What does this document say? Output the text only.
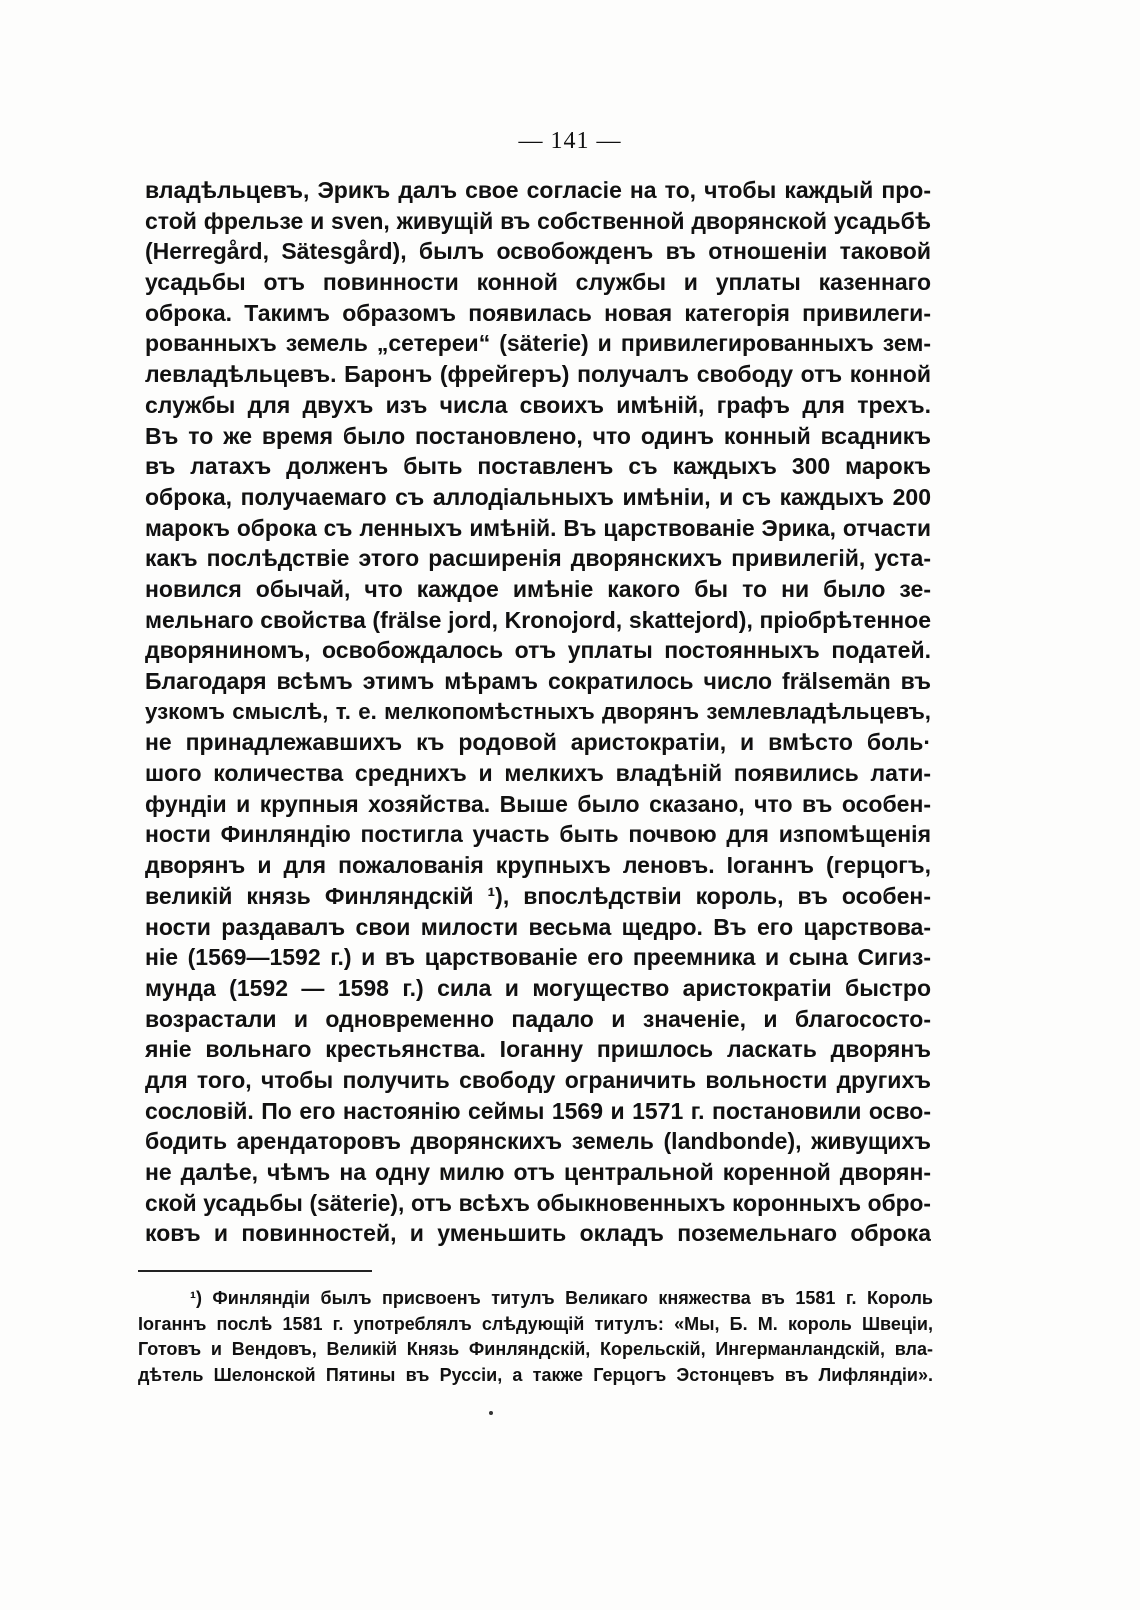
— 141 —
владѣльцевъ, Эрикъ далъ свое согласіе на то, чтобы каждый про-
стой фрельзе и sven, живущій въ собственной дворянской усадьбѣ
(Herregård, Sätesgård), былъ освобожденъ въ отношеніи таковой
усадьбы отъ повинности конной службы и уплаты казеннаго
оброка. Такимъ образомъ появилась новая категорія привилеги-
рованныхъ земель „сетереи“ (säterie) и привилегированныхъ зем-
левладѣльцевъ. Баронъ (фрейгеръ) получалъ свободу отъ конной
службы для двухъ изъ числа своихъ имѣній, графъ для трехъ.
Въ то же время было постановлено, что одинъ конный всадникъ
въ латахъ долженъ быть поставленъ съ каждыхъ 300 марокъ
оброка, получаемаго съ аллодіальныхъ имѣніи, и съ каждыхъ 200
марокъ оброка съ ленныхъ имѣній. Въ царствованіе Эрика, отчасти
какъ послѣдствіе этого расширенія дворянскихъ привилегій, уста-
новился обычай, что каждое имѣніе какого бы то ни было зе-
мельнаго свойства (frälse jord, Kronojord, skattejord), пріобрѣтенное
дворяниномъ, освобождалось отъ уплаты постоянныхъ податей.
Благодаря всѣмъ этимъ мѣрамъ сократилось число frälsemän въ
узкомъ смыслѣ, т. е. мелкопомѣстныхъ дворянъ землевладѣльцевъ,
не принадлежавшихъ къ родовой аристократіи, и вмѣсто боль·
шого количества среднихъ и мелкихъ владѣній появились лати-
фундіи и крупныя хозяйства. Выше было сказано, что въ особен-
ности Финляндію постигла участь быть почвою для изпомѣщенія
дворянъ и для пожалованія крупныхъ леновъ. Іоганнъ (герцогъ,
великій князь Финляндскій ¹), впослѣдствіи король, въ особен-
ности раздавалъ свои милости весьма щедро. Въ его царствова-
ніе (1569—1592 г.) и въ царствованіе его преемника и сына Сигиз-
мунда (1592 — 1598 г.) сила и могущество аристократіи быстро
возрастали и одновременно падало и значеніе, и благососто-
яніе вольнаго крестьянства. Іоганну пришлось ласкать дворянъ
для того, чтобы получить свободу ограничить вольности другихъ
сословій. По его настоянію сеймы 1569 и 1571 г. постановили осво-
бодить арендаторовъ дворянскихъ земель (landbonde), живущихъ
не далѣе, чѣмъ на одну милю отъ центральной коренной дворян-
ской усадьбы (säterie), отъ всѣхъ обыкновенныхъ коронныхъ обро-
ковъ и повинностей, и уменьшить окладъ поземельнаго оброка
¹) Финляндіи былъ присвоенъ титулъ Великаго княжества въ 1581 г. Король
Іоганнъ послѣ 1581 г. употреблялъ слѣдующій титулъ: «Мы, Б. М. король Швеціи,
Готовъ и Вендовъ, Великій Князь Финляндскій, Корельскій, Ингерманландскій, вла-
дѣтель Шелонской Пятины въ Руссіи, а также Герцогъ Эстонцевъ въ Лифляндіи».
